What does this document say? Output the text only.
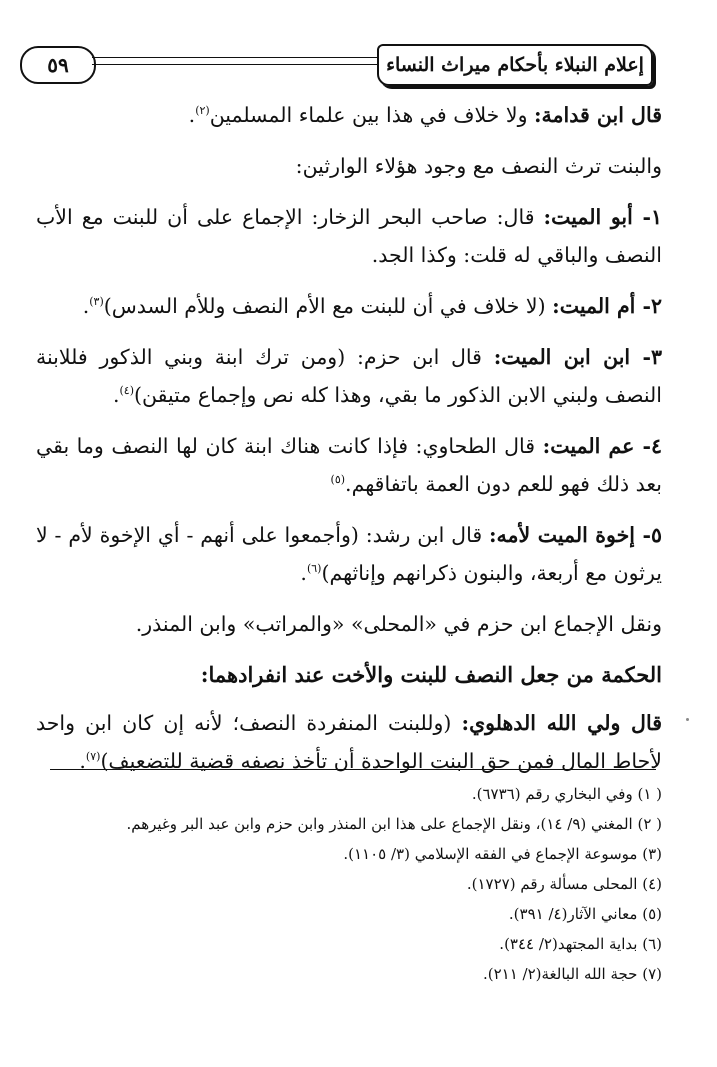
إعلام النبلاء بأحكام ميراث النساء
٥٩

قال ابن قدامة: ولا خلاف في هذا بين علماء المسلمين$^{(٢)}$.

والبنت ترث النصف مع وجود هؤلاء الوارثين:

١- أبو الميت: قال: صاحب البحر الزخار: الإجماع على أن للبنت مع الأب النصف والباقي له قلت: وكذا الجد.

٢- أم الميت: (لا خلاف في أن للبنت مع الأم النصف وللأم السدس)$^{(٣)}$.

٣- ابن ابن الميت: قال ابن حزم: (ومن ترك ابنة وبني الذكور فللابنة النصف ولبني الابن الذكور ما بقي، وهذا كله نص وإجماع متيقن)$^{(٤)}$.

٤- عم الميت: قال الطحاوي: فإذا كانت هناك ابنة كان لها النصف وما بقي بعد ذلك فهو للعم دون العمة باتفاقهم.$^{(٥)}$

٥- إخوة الميت لأمه: قال ابن رشد: (وأجمعوا على أنهم - أي الإخوة لأم - لا يرثون مع أربعة، والبنون ذكرانهم وإناثهم)$^{(٦)}$.

ونقل الإجماع ابن حزم في «المحلى» «والمراتب» وابن المنذر.

الحكمة من جعل النصف للبنت والأخت عند انفرادهما:

قال ولي الله الدهلوي: (وللبنت المنفردة النصف؛ لأنه إن كان ابن واحد لأحاط المال فمن حق البنت الواحدة أن تأخذ نصفه قضية للتضعيف)$^{(٧)}$.

( ١) وفي البخاري رقم (٦٧٣٦).

( ٢) المغني (٩/ ١٤)، ونقل الإجماع على هذا ابن المنذر وابن حزم وابن عبد البر وغيرهم.

(٣) موسوعة الإجماع في الفقه الإسلامي (٣/ ١١٠٥).

(٤) المحلى مسألة رقم (١٧٢٧).

(٥) معاني الآثار(٤/ ٣٩١).

(٦) بداية المجتهد(٢/ ٣٤٤).

(٧) حجة الله البالغة(٢/ ٢١١).
